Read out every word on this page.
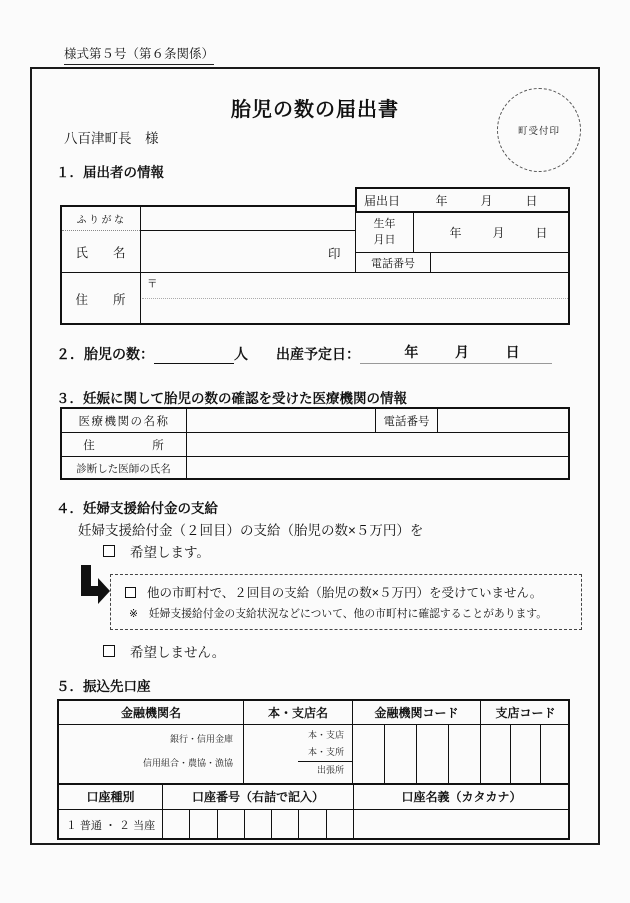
様式第５号（第６条関係）
胎児の数の届出書
町受付印
八百津町長　様
１．届出者の情報
届出日	年	月	日
ふりがな
氏　　名	印
住　　所
〒
生年
月日	年	月	日
電話番号
２．胎児の数：	人 出産予定日：	年	月	日
３．妊娠に関して胎児の数の確認を受けた医療機関の情報
医療機関の名称	電話番号
住　　　　　所
診断した医師の氏名
４．妊婦支援給付金の支給
妊婦支援給付金（２回目）の支給（胎児の数×５万円）を
希望します。
他の市町村で、２回目の支給（胎児の数×５万円）を受けていません。
※　妊婦支援給付金の支給状況などについて、他の市町村に確認することがあります。
希望しません。
５．振込先口座
金融機関名	本・支店名	金融機関コード	支店コード
銀行・信用金庫
信用組合・農協・漁協
本・支店
本・支所
出張所
口座種別	口座番号（右詰で記入）	口座名義（カタカナ）
１ 普通 ・ ２ 当座
